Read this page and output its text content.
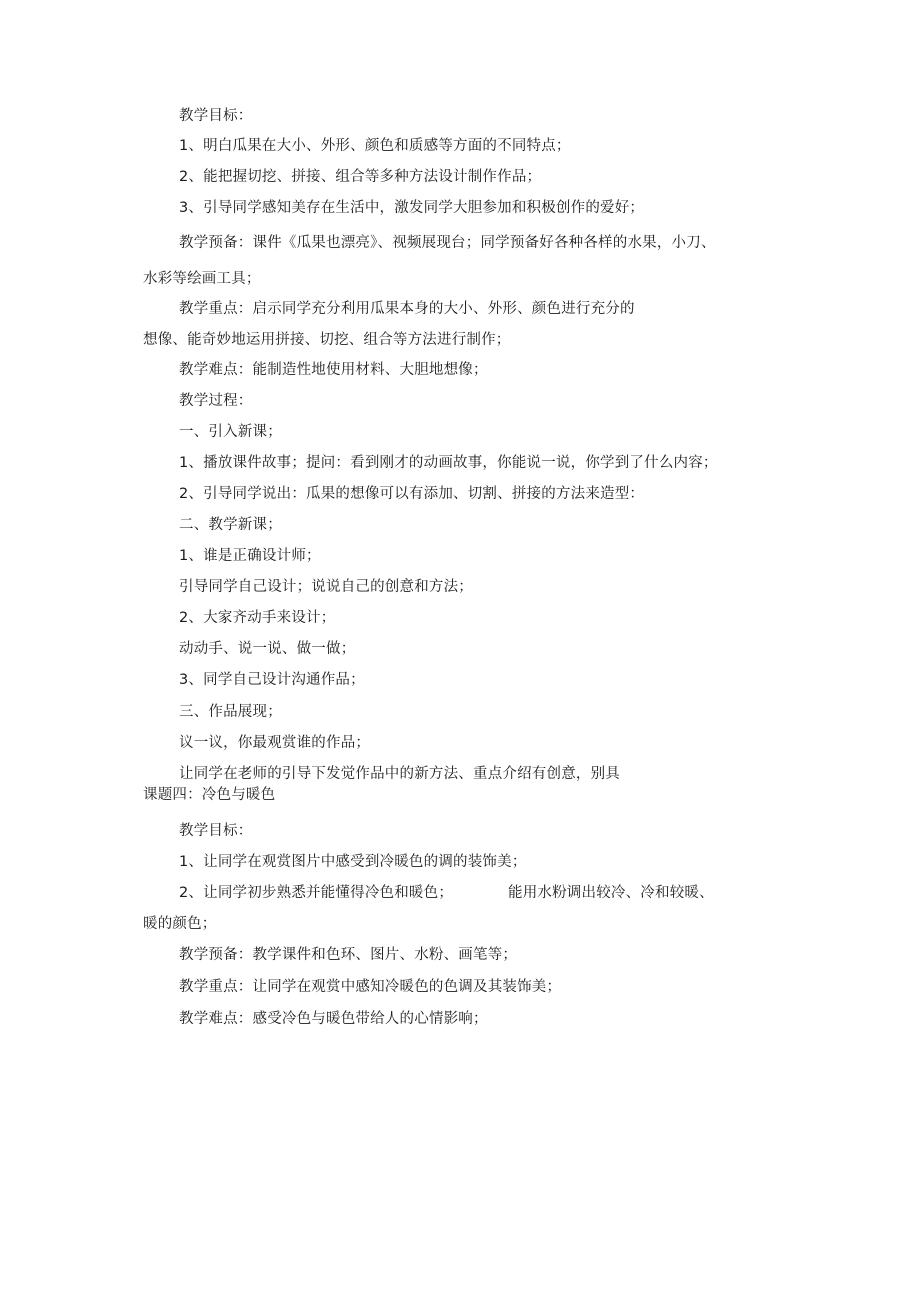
教学目标：
1、明白瓜果在大小、外形、颜色和质感等方面的不同特点；
2、能把握切挖、拼接、组合等多种方法设计制作作品；
3、引导同学感知美存在生活中，激发同学大胆参加和积极创作的爱好；
教学预备：课件《瓜果也漂亮》、视频展现台；同学预备好各种各样的水果，小刀、
水彩等绘画工具；
教学重点：启示同学充分利用瓜果本身的大小、外形、颜色进行充分的
想像、能奇妙地运用拼接、切挖、组合等方法进行制作；
教学难点：能制造性地使用材料、大胆地想像；
教学过程：
一、引入新课；
1、播放课件故事；提问：看到刚才的动画故事，你能说一说，你学到了什么内容；
2、引导同学说出：瓜果的想像可以有添加、切割、拼接的方法来造型：
二、教学新课；
1、谁是正确设计师；
引导同学自己设计；说说自己的创意和方法；
2、大家齐动手来设计；
动动手、说一说、做一做；
3、同学自己设计沟通作品；
三、作品展现；
议一议，你最观赏谁的作品；
让同学在老师的引导下发觉作品中的新方法、重点介绍有创意，别具
课题四：冷色与暖色
教学目标：
1、让同学在观赏图片中感受到冷暖色的调的装饰美；
2、让同学初步熟悉并能懂得冷色和暖色；	能用水粉调出较冷、冷和较暖、
暖的颜色；
教学预备：教学课件和色环、图片、水粉、画笔等；
教学重点：让同学在观赏中感知冷暖色的色调及其装饰美；
教学难点：感受冷色与暖色带给人的心情影响；
